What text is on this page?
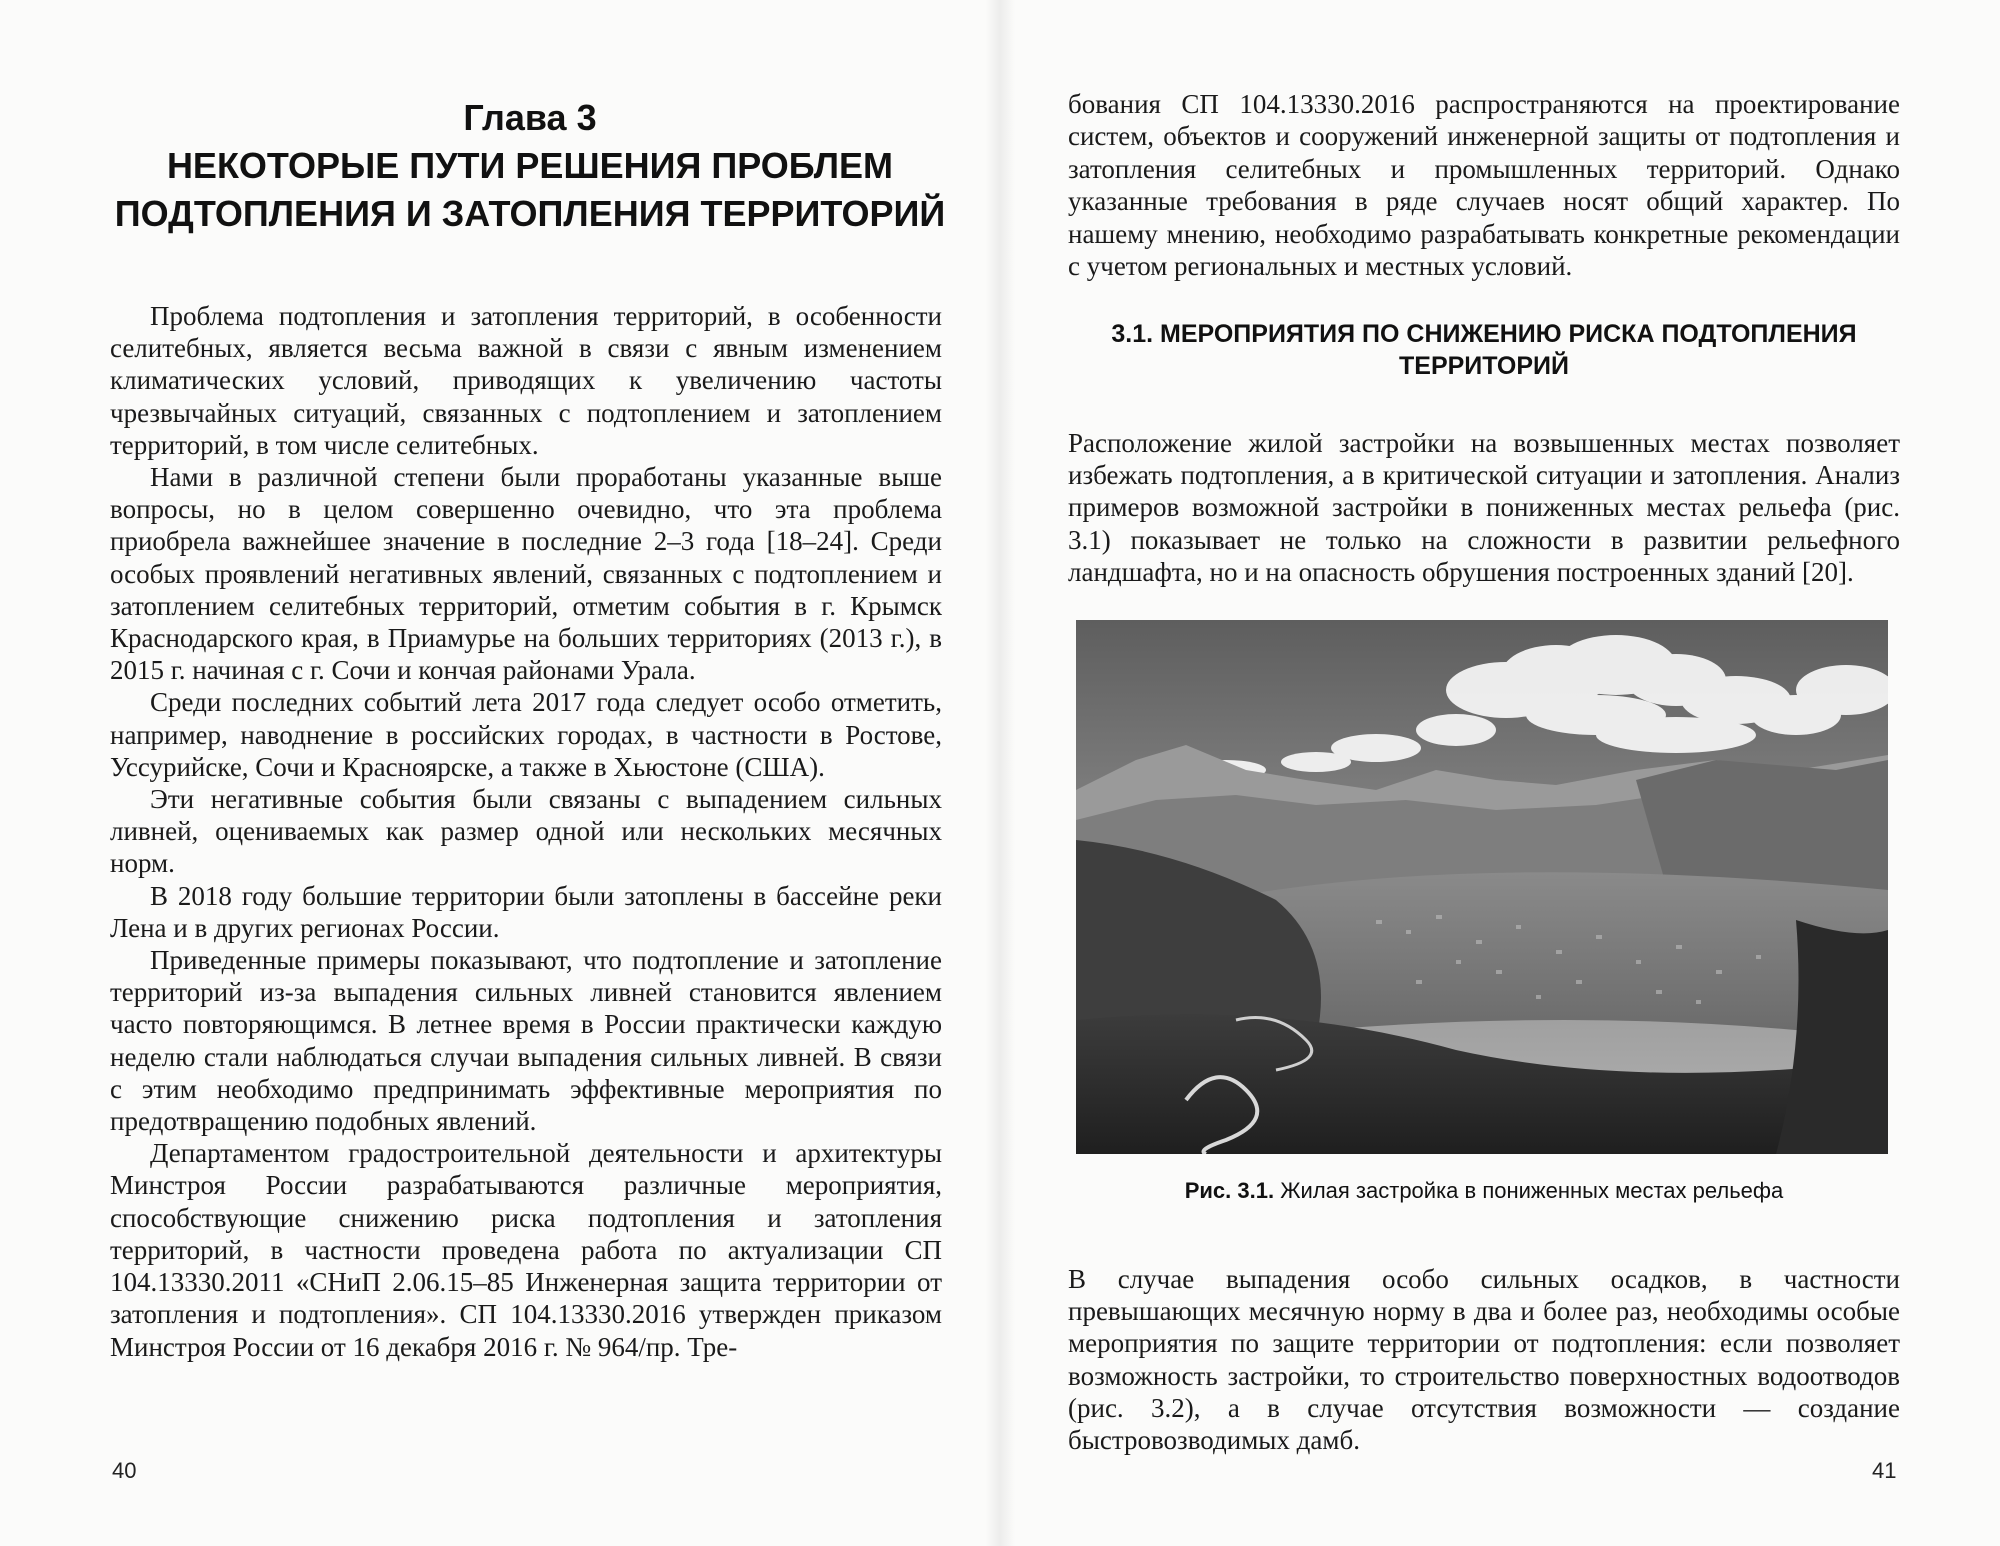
Глава 3
НЕКОТОРЫЕ ПУТИ РЕШЕНИЯ ПРОБЛЕМ ПОДТОПЛЕНИЯ И ЗАТОПЛЕНИЯ ТЕРРИТОРИЙ

Проблема подтопления и затопления территорий, в особенности селитебных, является весьма важной в связи с явным изменением климатических условий, приводящих к увеличению частоты чрезвычайных ситуаций, связанных с подтоплением и затоплением территорий, в том числе селитебных.

Нами в различной степени были проработаны указанные выше вопросы, но в целом совершенно очевидно, что эта проблема приобрела важнейшее значение в последние 2–3 года [18–24]. Среди особых проявлений негативных явлений, связанных с подтоплением и затоплением селитебных территорий, отметим события в г. Крымск Краснодарского края, в Приамурье на больших территориях (2013 г.), в 2015 г. начиная с г. Сочи и кончая районами Урала.

Среди последних событий лета 2017 года следует особо отметить, например, наводнение в российских городах, в частности в Ростове, Уссурийске, Сочи и Красноярске, а также в Хьюстоне (США).

Эти негативные события были связаны с выпадением сильных ливней, оцениваемых как размер одной или нескольких месячных норм.

В 2018 году большие территории были затоплены в бассейне реки Лена и в других регионах России.

Приведенные примеры показывают, что подтопление и затопление территорий из-за выпадения сильных ливней становится явлением часто повторяющимся. В летнее время в России практически каждую неделю стали наблюдаться случаи выпадения сильных ливней. В связи с этим необходимо предпринимать эффективные мероприятия по предотвращению подобных явлений.

Департаментом градостроительной деятельности и архитектуры Минстроя России разрабатываются различные мероприятия, способствующие снижению риска подтопления и затопления территорий, в частности проведена работа по актуализации СП 104.13330.2011 «СНиП 2.06.15–85 Инженерная защита территории от затопления и подтопления». СП 104.13330.2016 утвержден приказом Минстроя России от 16 декабря 2016 г. № 964/пр. Тре-

40

бования СП 104.13330.2016 распространяются на проектирование систем, объектов и сооружений инженерной защиты от подтопления и затопления селитебных и промышленных территорий. Однако указанные требования в ряде случаев носят общий характер. По нашему мнению, необходимо разрабатывать конкретные рекомендации с учетом региональных и местных условий.

3.1. МЕРОПРИЯТИЯ ПО СНИЖЕНИЮ РИСКА ПОДТОПЛЕНИЯ ТЕРРИТОРИЙ

Расположение жилой застройки на возвышенных местах позволяет избежать подтопления, а в критической ситуации и затопления. Анализ примеров возможной застройки в пониженных местах рельефа (рис. 3.1) показывает не только на сложности в развитии рельефного ландшафта, но и на опасность обрушения построенных зданий [20].

Рис. 3.1. Жилая застройка в пониженных местах рельефа

В случае выпадения особо сильных осадков, в частности превышающих месячную норму в два и более раз, необходимы особые мероприятия по защите территории от подтопления: если позволяет возможность застройки, то строительство поверхностных водоотводов (рис. 3.2), а в случае отсутствия возможности — создание быстровозводимых дамб.

41
